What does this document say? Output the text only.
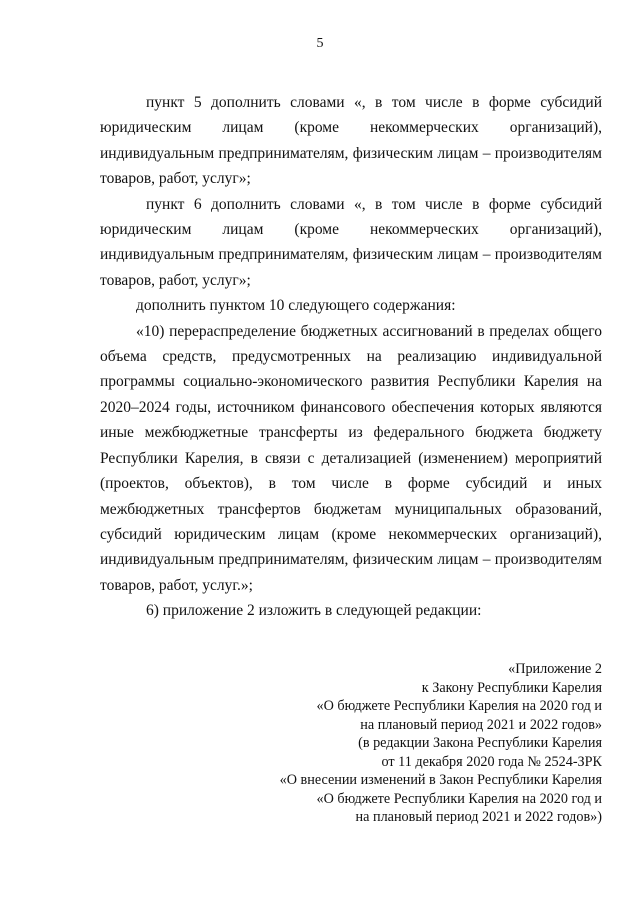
5

пункт 5 дополнить словами «, в том числе в форме субсидий юридическим лицам (кроме некоммерческих организаций), индивидуальным предпринимателям, физическим лицам – производителям товаров, работ, услуг»;

пункт 6 дополнить словами «, в том числе в форме субсидий юридическим лицам (кроме некоммерческих организаций), индивидуальным предпринимателям, физическим лицам – производителям товаров, работ, услуг»;

дополнить пунктом 10 следующего содержания:

«10) перераспределение бюджетных ассигнований в пределах общего объема средств, предусмотренных на реализацию индивидуальной программы социально-экономического развития Республики Карелия на 2020–2024 годы, источником финансового обеспечения которых являются иные межбюджетные трансферты из федерального бюджета бюджету Республики Карелия, в связи с детализацией (изменением) мероприятий (проектов, объектов), в том числе в форме субсидий и иных межбюджетных трансфертов бюджетам муниципальных образований, субсидий юридическим лицам (кроме некоммерческих организаций), индивидуальным предпринимателям, физическим лицам – производителям товаров, работ, услуг.»;

6) приложение 2 изложить в следующей редакции:

«Приложение 2
к Закону Республики Карелия
«О бюджете Республики Карелия на 2020 год и
на плановый период 2021 и 2022 годов»
(в редакции Закона Республики Карелия
от 11 декабря 2020 года № 2524-ЗРК
«О внесении изменений в Закон Республики Карелия
«О бюджете Республики Карелия на 2020 год и
на плановый период 2021 и 2022 годов»)
